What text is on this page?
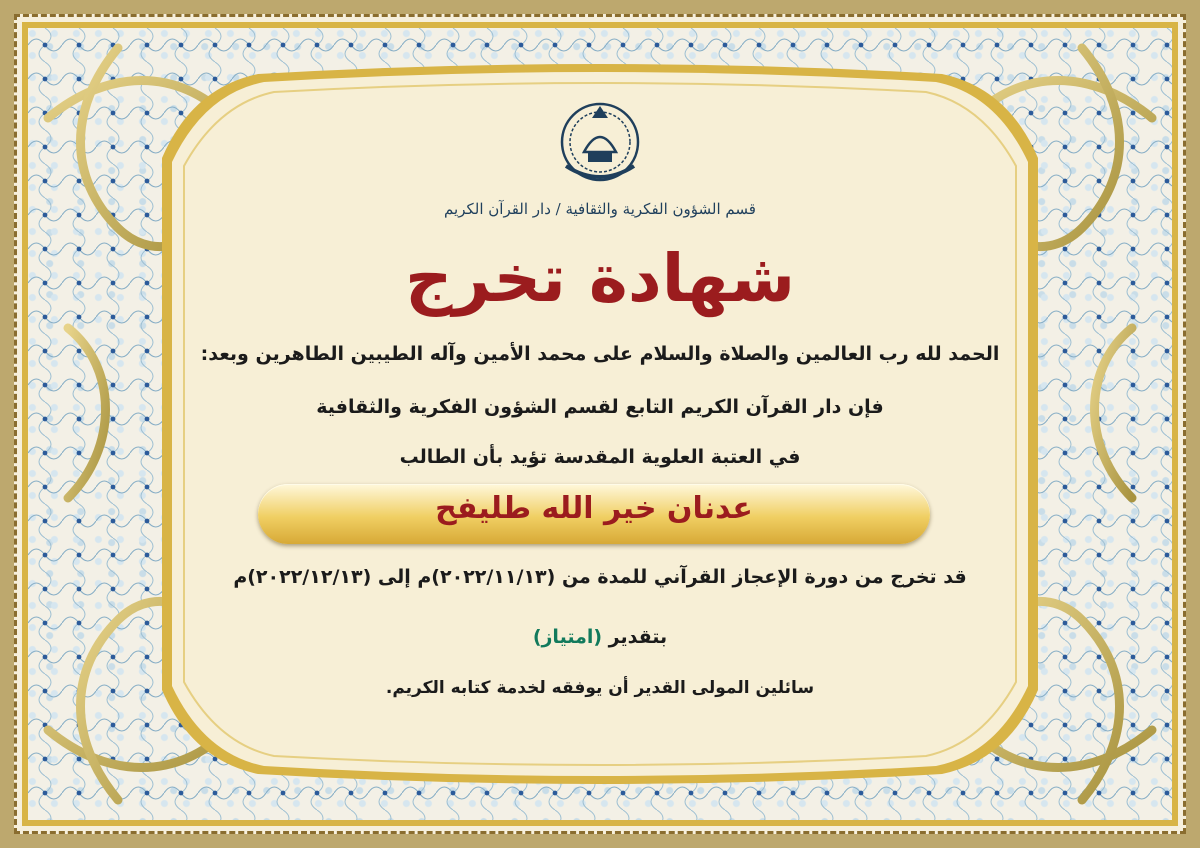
قسم الشؤون الفكرية والثقافية / دار القرآن الكريم

شهادة تخرج

الحمد لله رب العالمين والصلاة والسلام على محمد الأمين وآله الطيبين الطاهرين وبعد:

فإن دار القرآن الكريم التابع لقسم الشؤون الفكرية والثقافية

في العتبة العلوية المقدسة تؤيد بأن الطالب

عدنان خير الله طليفح

قد تخرج من دورة الإعجاز القرآني للمدة من (٢٠٢٢/١١/١٣)م إلى (٢٠٢٢/١٢/١٣)م

بتقدير (امتياز)

سائلين المولى القدير أن يوفقه لخدمة كتابه الكريم.
